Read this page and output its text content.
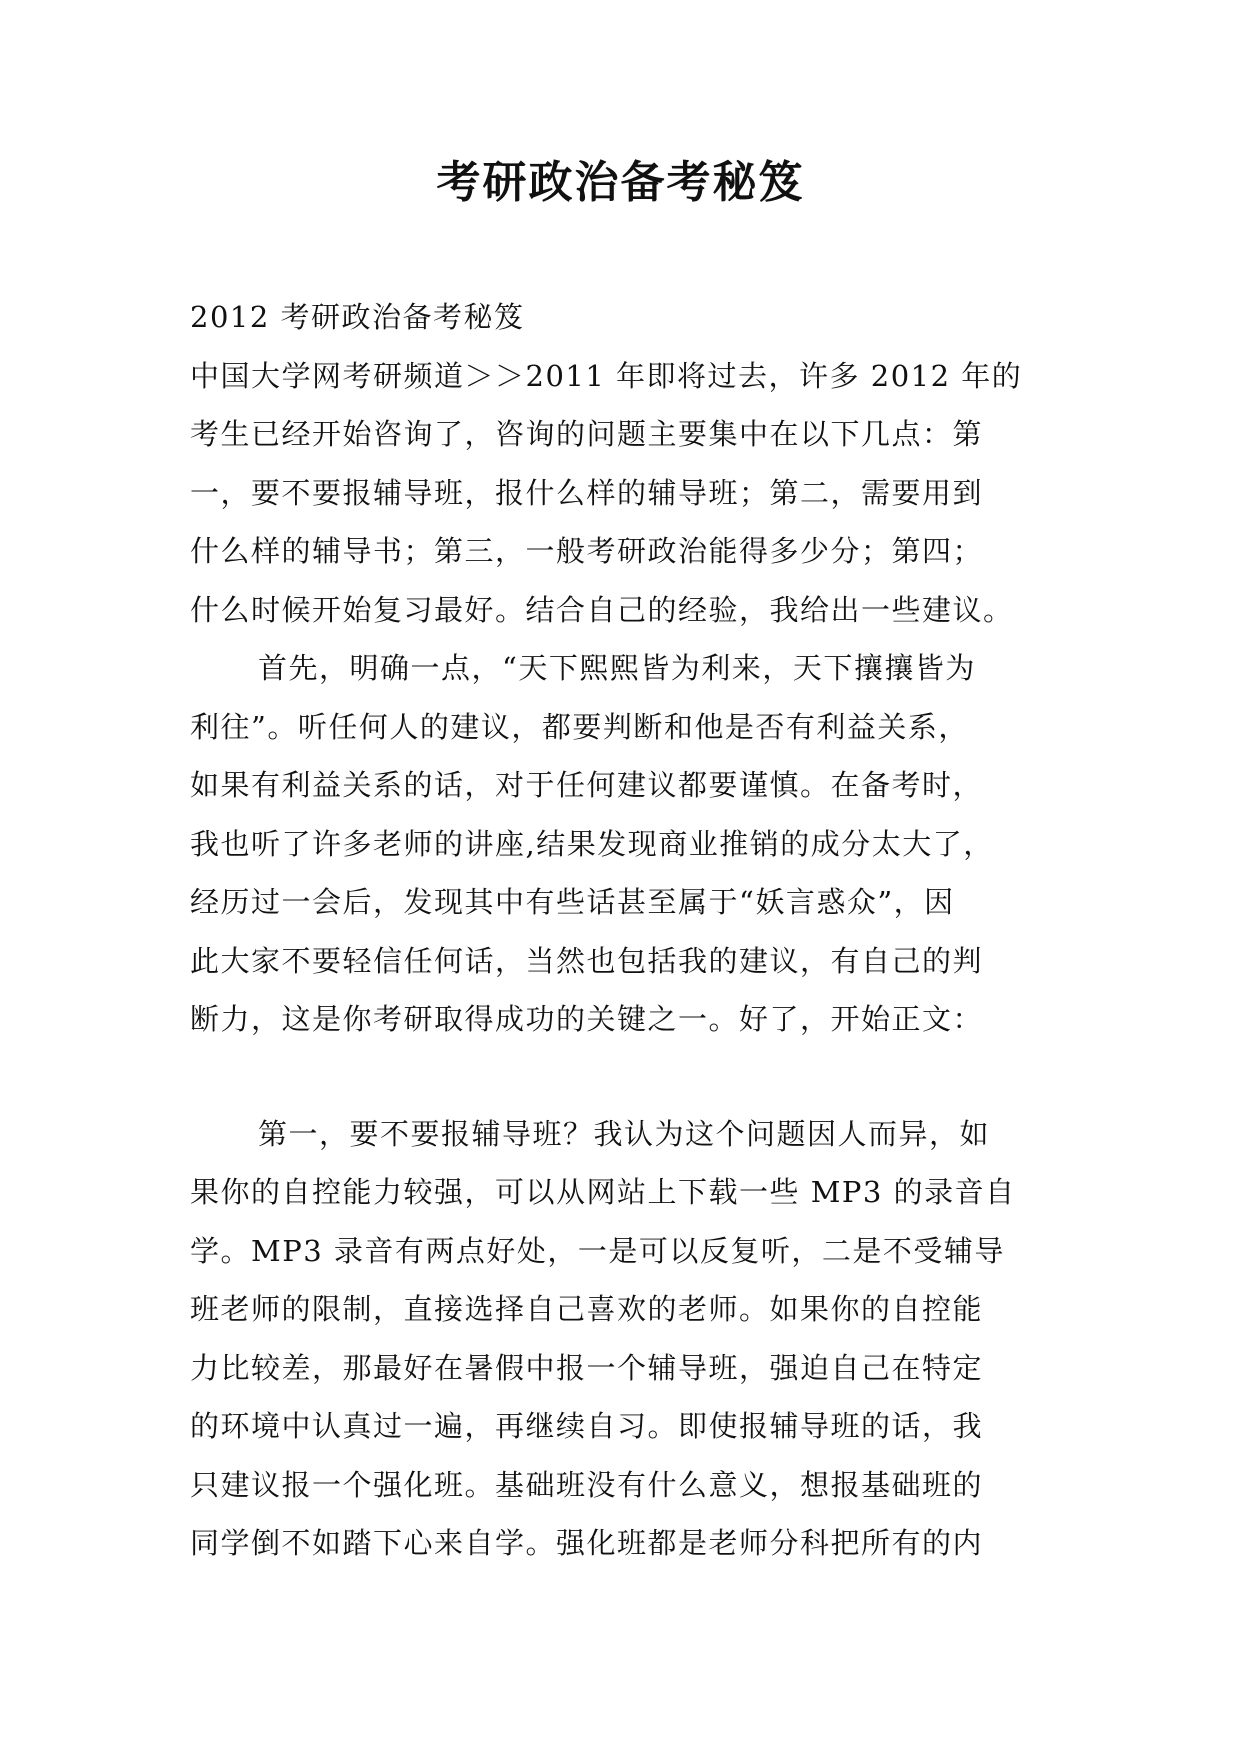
考研政治备考秘笈
2012 考研政治备考秘笈
中国大学网考研频道＞＞2011 年即将过去，许多 2012 年的
考生已经开始咨询了，咨询的问题主要集中在以下几点：第
一，要不要报辅导班，报什么样的辅导班；第二，需要用到
什么样的辅导书；第三，一般考研政治能得多少分；第四；
什么时候开始复习最好。结合自己的经验，我给出一些建议。
首先，明确一点，“天下熙熙皆为利来，天下攘攘皆为
利往”。听任何人的建议，都要判断和他是否有利益关系，
如果有利益关系的话，对于任何建议都要谨慎。在备考时，
我也听了许多老师的讲座,结果发现商业推销的成分太大了，
经历过一会后，发现其中有些话甚至属于“妖言惑众”，因
此大家不要轻信任何话，当然也包括我的建议，有自己的判
断力，这是你考研取得成功的关键之一。好了，开始正文：
第一，要不要报辅导班？我认为这个问题因人而异，如
果你的自控能力较强，可以从网站上下载一些 MP3 的录音自
学。MP3 录音有两点好处，一是可以反复听，二是不受辅导
班老师的限制，直接选择自己喜欢的老师。如果你的自控能
力比较差，那最好在暑假中报一个辅导班，强迫自己在特定
的环境中认真过一遍，再继续自习。即使报辅导班的话，我
只建议报一个强化班。基础班没有什么意义，想报基础班的
同学倒不如踏下心来自学。强化班都是老师分科把所有的内
